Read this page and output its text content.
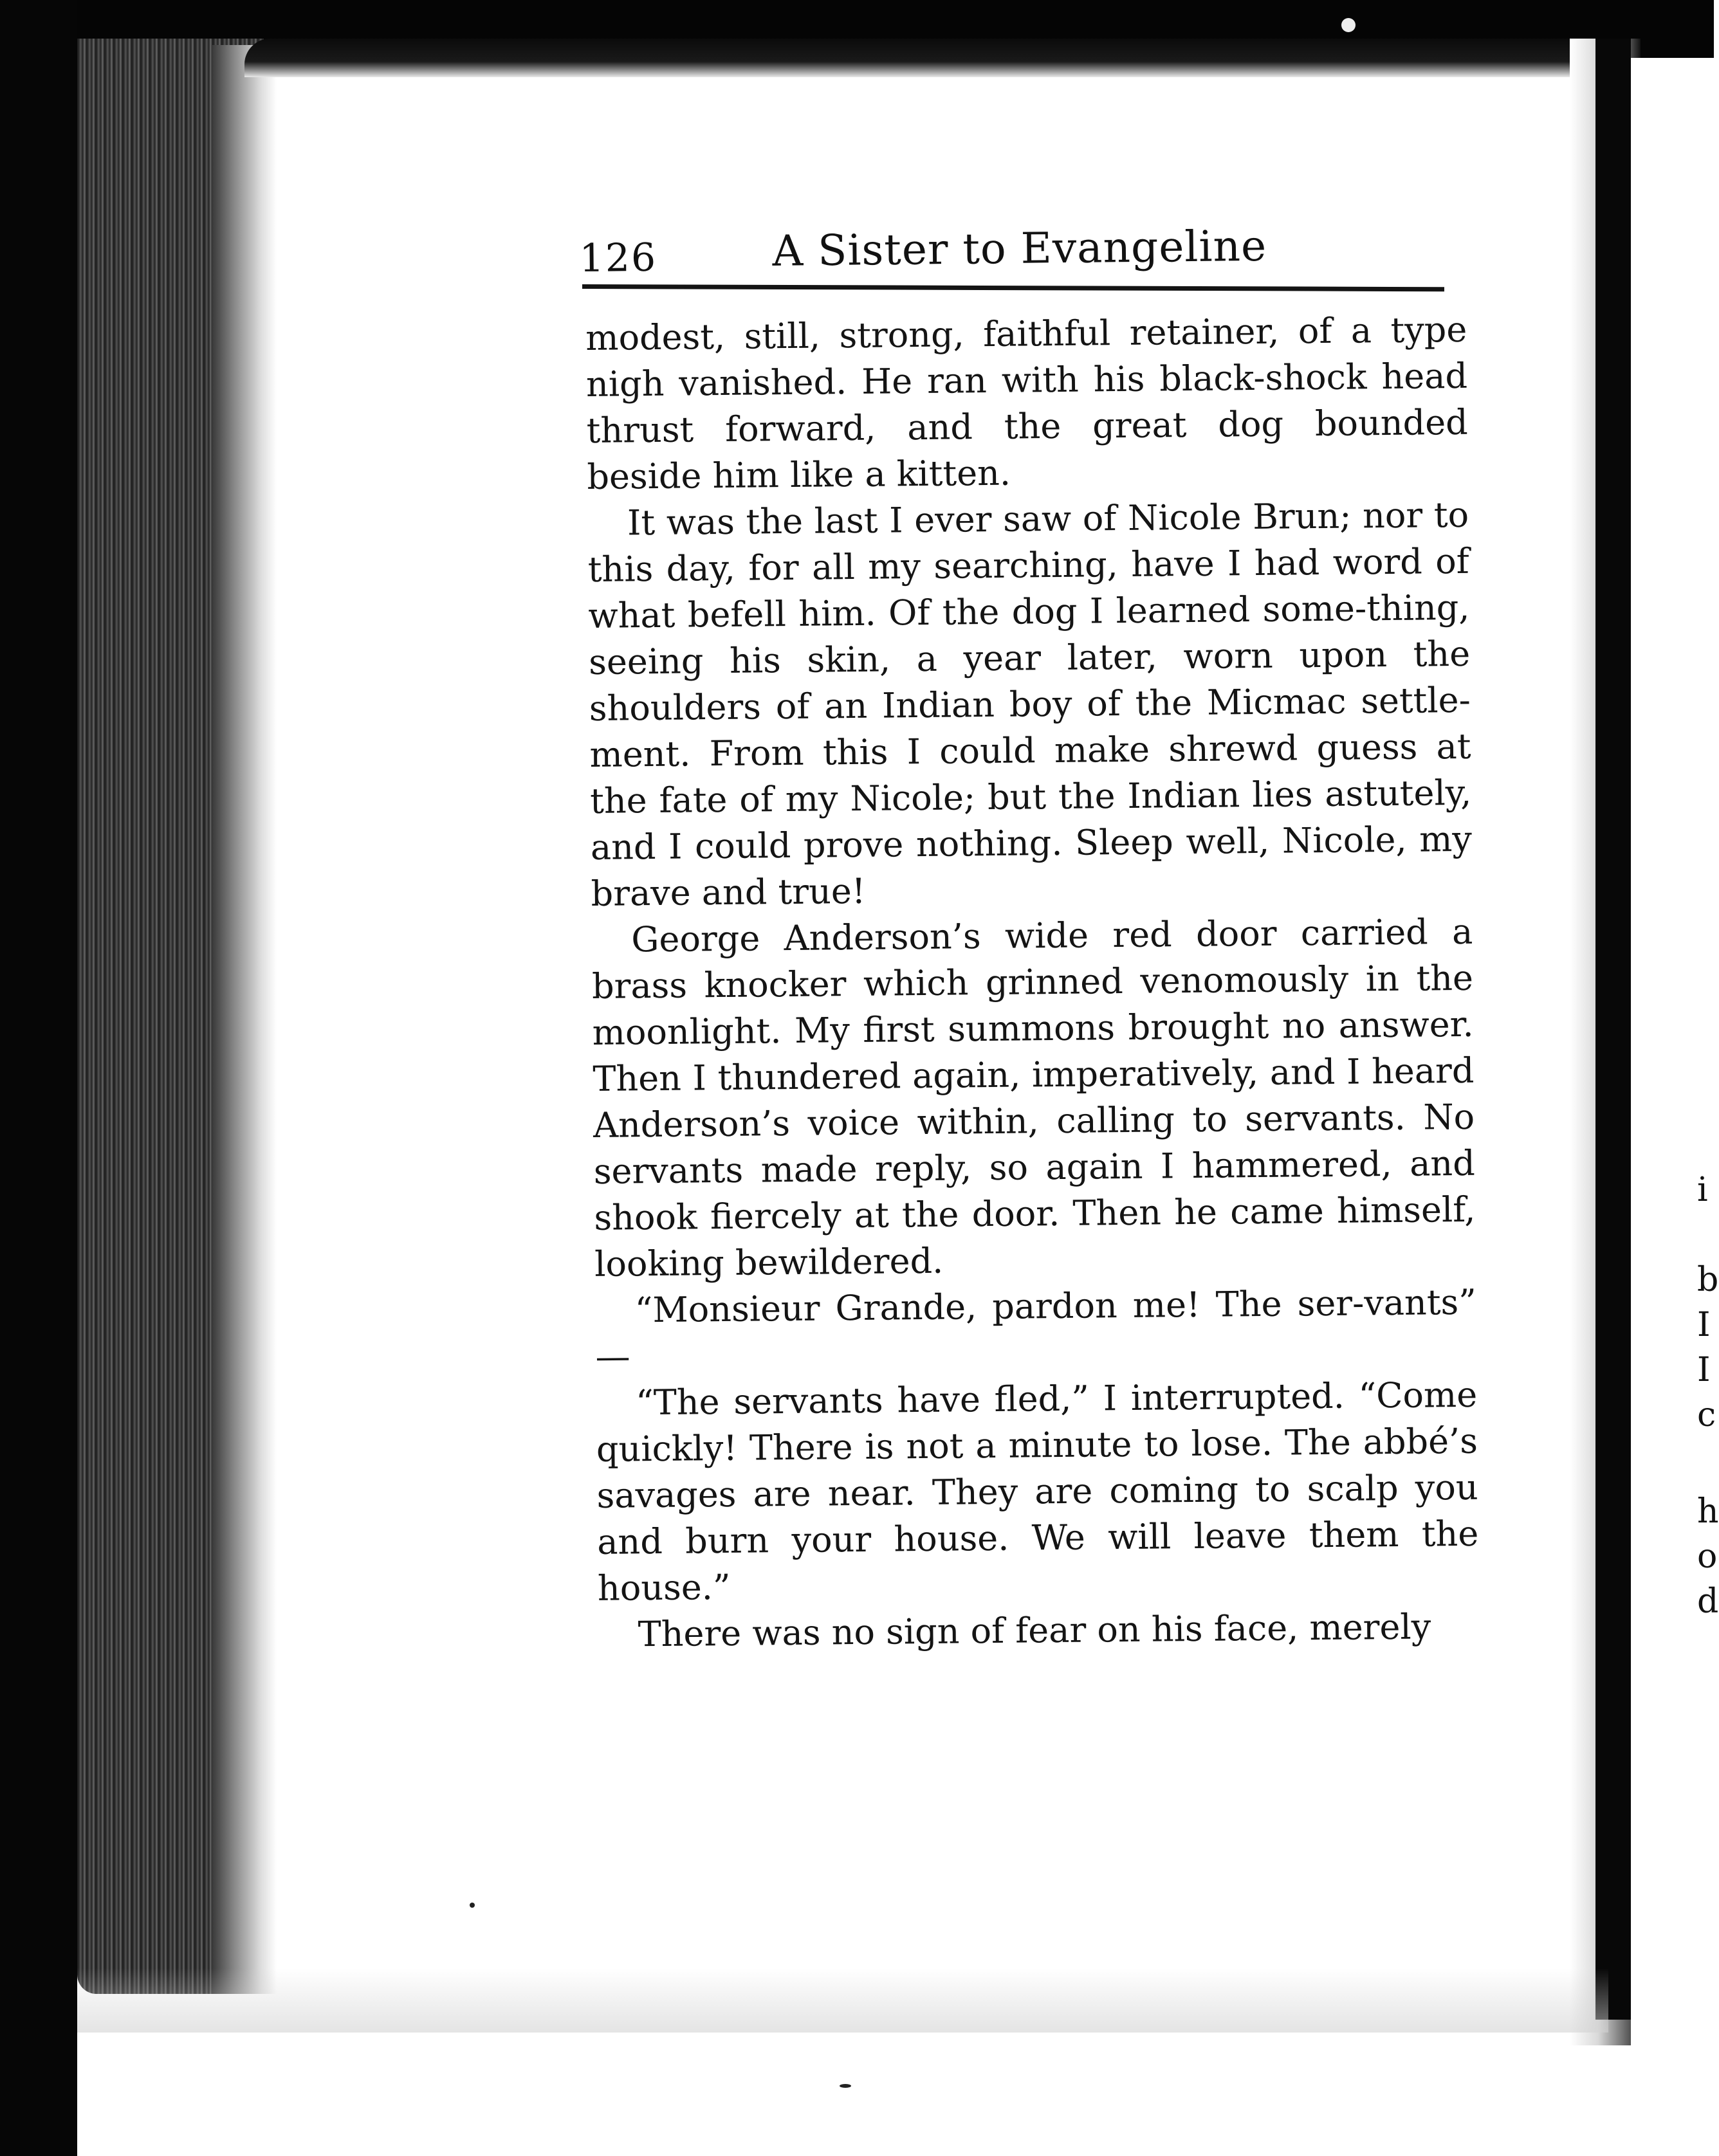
126	A Sister to Evangeline

modest, still, strong, faithful retainer, of a type nigh vanished. He ran with his black-shock head thrust forward, and the great dog bounded beside him like a kitten.

It was the last I ever saw of Nicole Brun; nor to this day, for all my searching, have I had word of what befell him. Of the dog I learned some-thing, seeing his skin, a year later, worn upon the shoulders of an Indian boy of the Micmac settle-ment. From this I could make shrewd guess at the fate of my Nicole; but the Indian lies astutely, and I could prove nothing. Sleep well, Nicole, my brave and true!

George Anderson’s wide red door carried a brass knocker which grinned venomously in the moonlight. My first summons brought no answer. Then I thundered again, imperatively, and I heard Anderson’s voice within, calling to servants. No servants made reply, so again I hammered, and shook fiercely at the door. Then he came himself, looking bewildered.

“Monsieur Grande, pardon me! The ser-vants” —

“The servants have fled,” I interrupted. “Come quickly! There is not a minute to lose. The abbé’s savages are near. They are coming to scalp you and burn your house. We will leave them the house.”

There was no sign of fear on his face, merely

i
b
I
I
c
h
o
d
